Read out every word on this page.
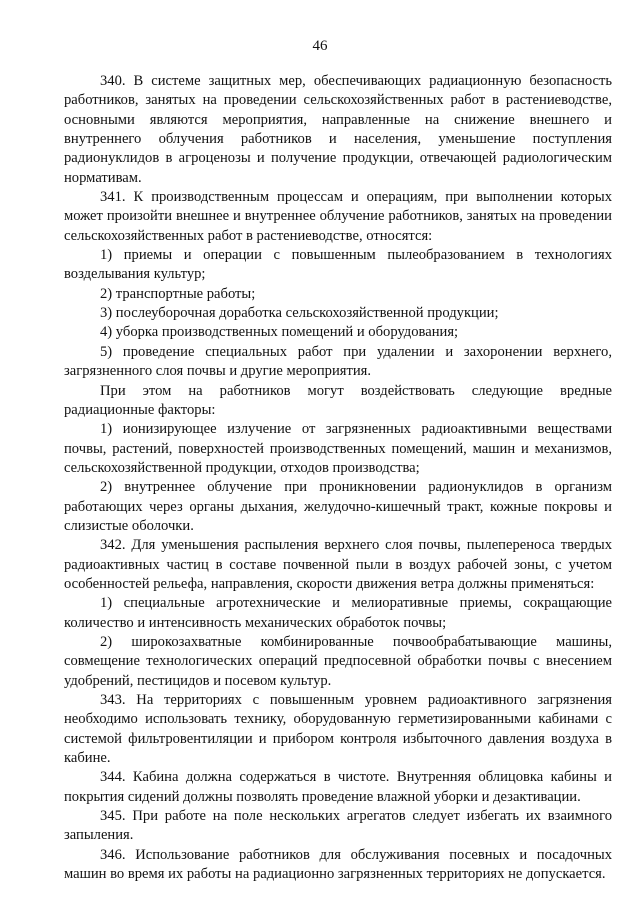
46

340. В системе защитных мер, обеспечивающих радиационную безопасность работников, занятых на проведении сельскохозяйственных работ в растениеводстве, основными являются мероприятия, направленные на снижение внешнего и внутреннего облучения работников и населения, уменьшение поступления радионуклидов в агроценозы и получение продукции, отвечающей радиологическим нормативам.

341. К производственным процессам и операциям, при выполнении которых может произойти внешнее и внутреннее облучение работников, занятых на проведении сельскохозяйственных работ в растениеводстве, относятся:

1) приемы и операции с повышенным пылеобразованием в технологиях возделывания культур;

2) транспортные работы;

3) послеуборочная доработка сельскохозяйственной продукции;

4) уборка производственных помещений и оборудования;

5) проведение специальных работ при удалении и захоронении верхнего, загрязненного слоя почвы и другие мероприятия.

При этом на работников могут воздействовать следующие вредные радиационные факторы:

1) ионизирующее излучение от загрязненных радиоактивными веществами почвы, растений, поверхностей производственных помещений, машин и механизмов, сельскохозяйственной продукции, отходов производства;

2) внутреннее облучение при проникновении радионуклидов в организм работающих через органы дыхания, желудочно-кишечный тракт, кожные покровы и слизистые оболочки.

342. Для уменьшения распыления верхнего слоя почвы, пылепереноса твердых радиоактивных частиц в составе почвенной пыли в воздух рабочей зоны, с учетом особенностей рельефа, направления, скорости движения ветра должны применяться:

1) специальные агротехнические и мелиоративные приемы, сокращающие количество и интенсивность механических обработок почвы;

2) широкозахватные комбинированные почвообрабатывающие машины, совмещение технологических операций предпосевной обработки почвы с внесением удобрений, пестицидов и посевом культур.

343. На территориях с повышенным уровнем радиоактивного загрязнения необходимо использовать технику, оборудованную герметизированными кабинами с системой фильтровентиляции и прибором контроля избыточного давления воздуха в кабине.

344. Кабина должна содержаться в чистоте. Внутренняя облицовка кабины и покрытия сидений должны позволять проведение влажной уборки и дезактивации.

345. При работе на поле нескольких агрегатов следует избегать их взаимного запыления.

346. Использование работников для обслуживания посевных и посадочных машин во время их работы на радиационно загрязненных территориях не допускается.
